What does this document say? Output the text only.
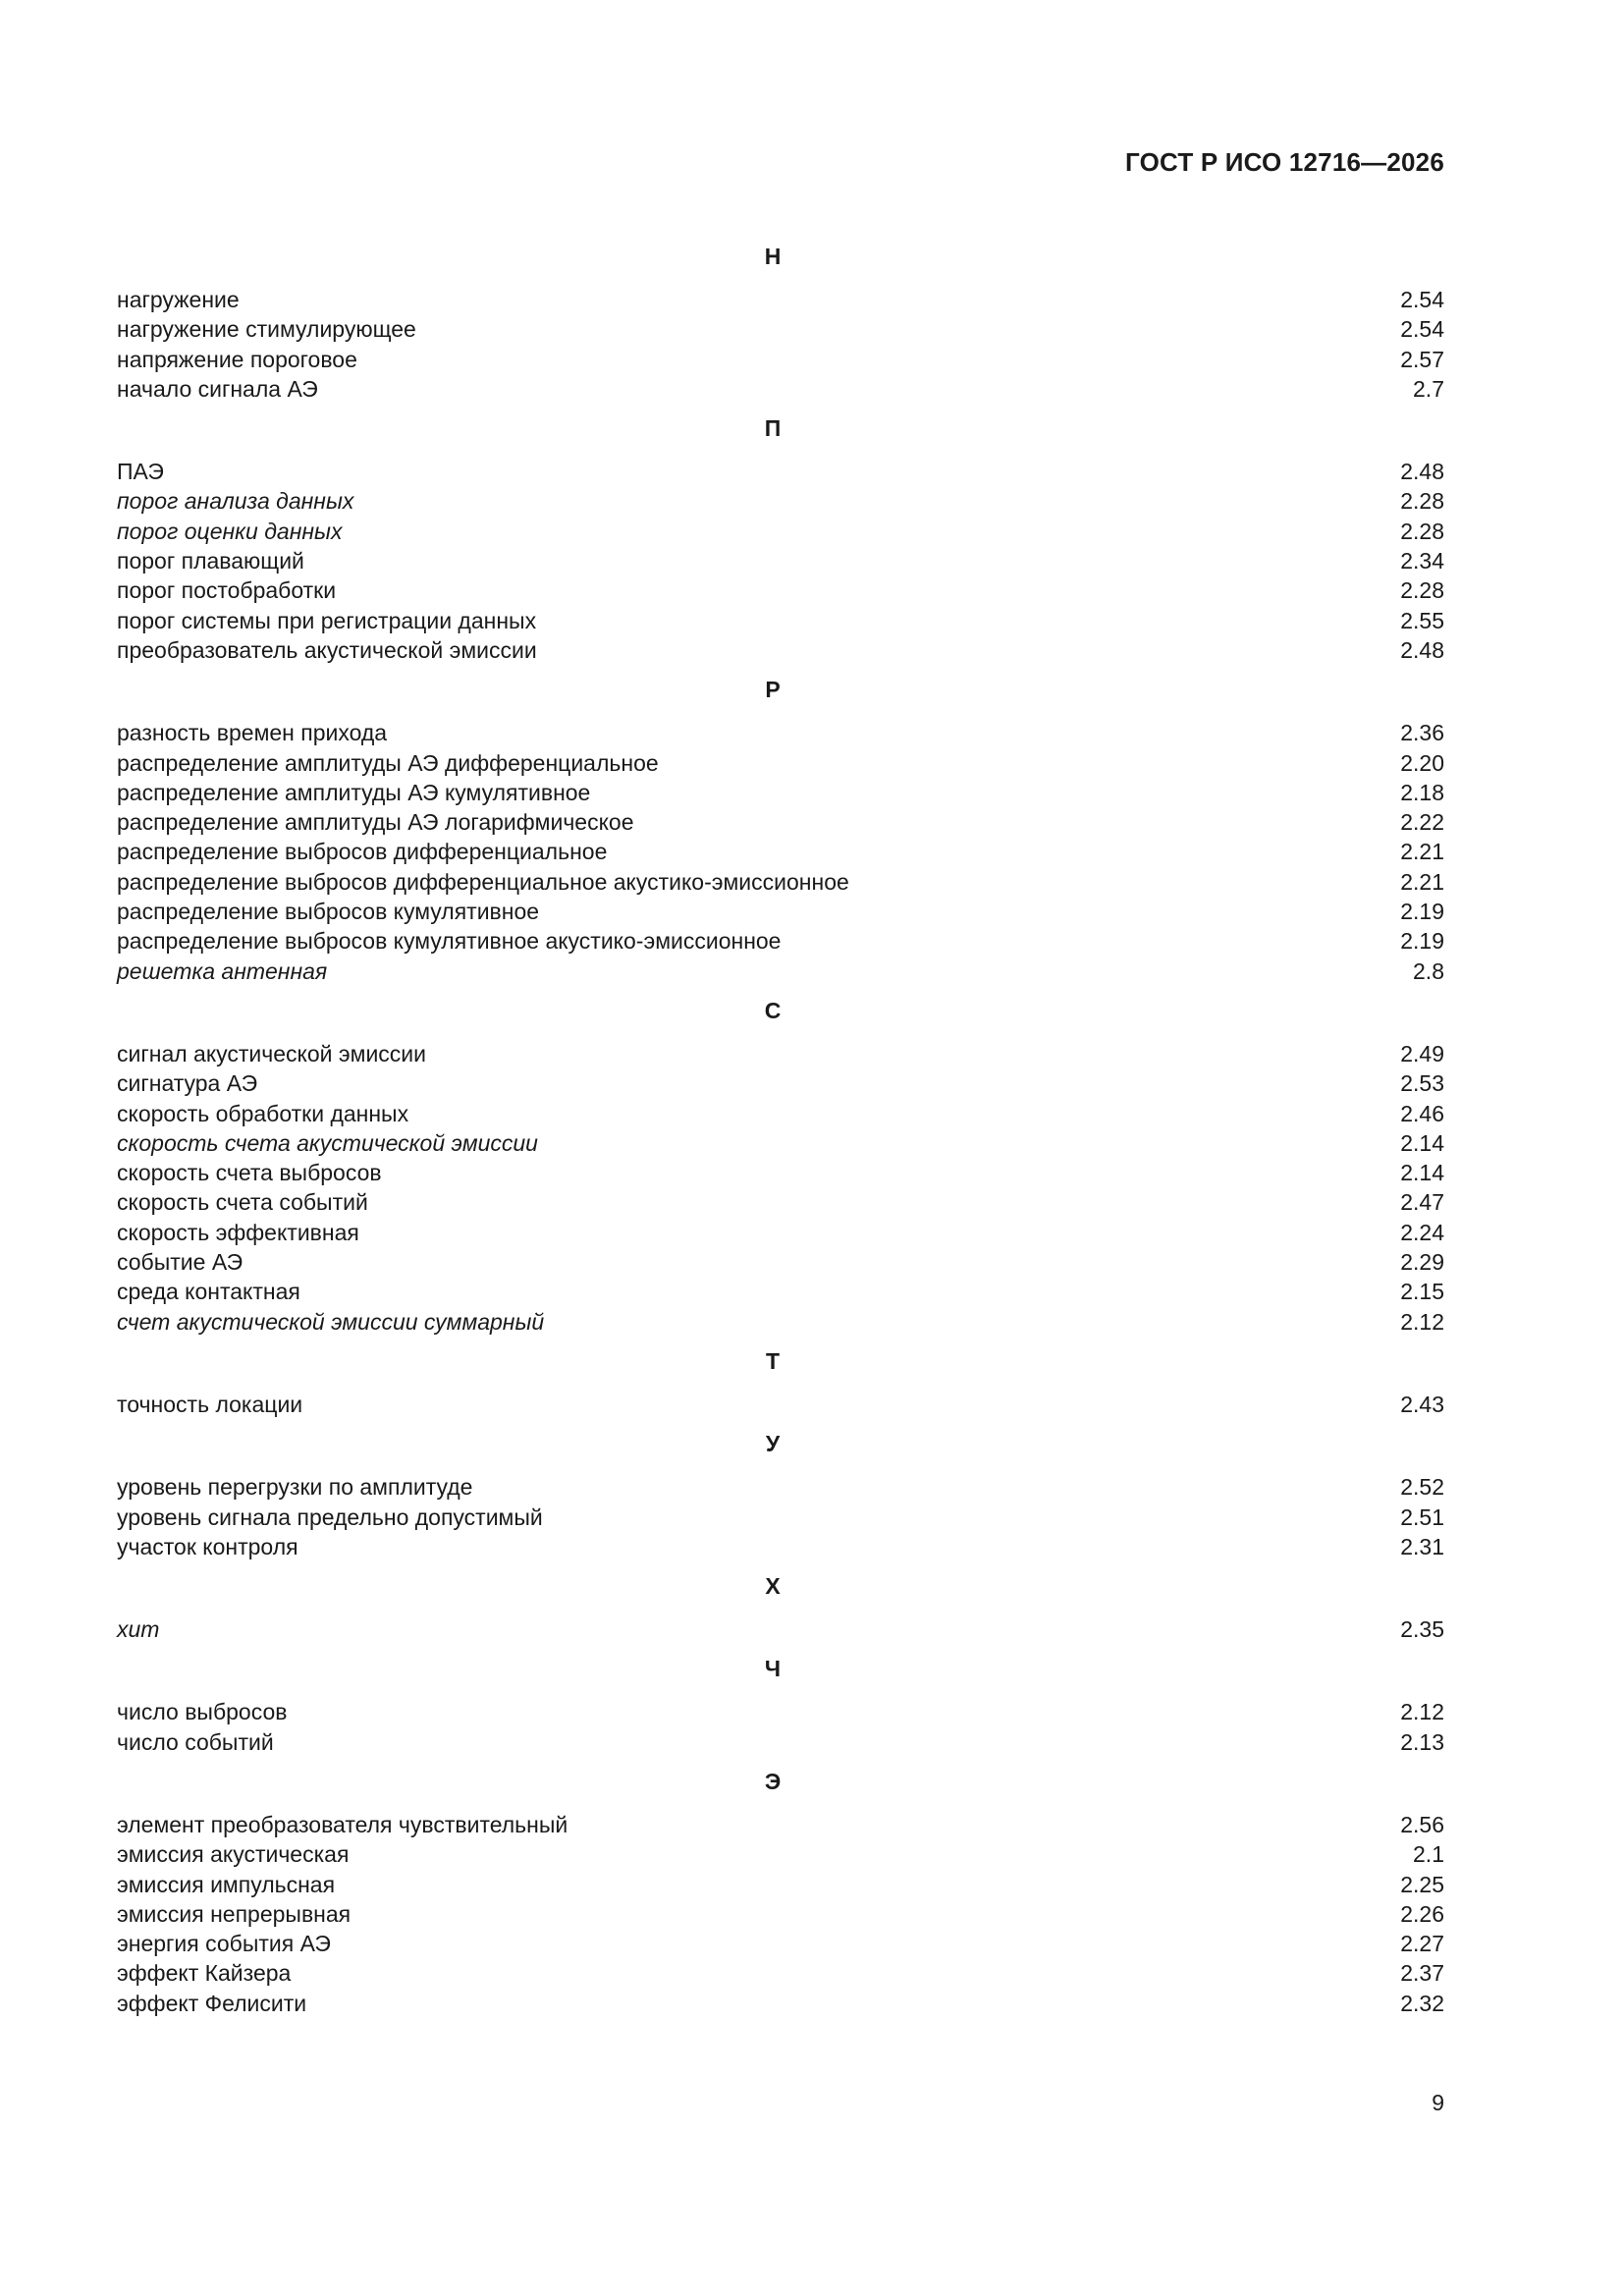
ГОСТ Р ИСО 12716—2026
Н
нагружение	2.54
нагружение стимулирующее	2.54
напряжение пороговое	2.57
начало сигнала АЭ	2.7
П
ПАЭ	2.48
порог анализа данных	2.28
порог оценки данных	2.28
порог плавающий	2.34
порог постобработки	2.28
порог системы при регистрации данных	2.55
преобразователь акустической эмиссии	2.48
Р
разность времен прихода	2.36
распределение амплитуды АЭ дифференциальное	2.20
распределение амплитуды АЭ кумулятивное	2.18
распределение амплитуды АЭ логарифмическое	2.22
распределение выбросов дифференциальное	2.21
распределение выбросов дифференциальное акустико-эмиссионное	2.21
распределение выбросов кумулятивное	2.19
распределение выбросов кумулятивное акустико-эмиссионное	2.19
решетка антенная	2.8
С
сигнал акустической эмиссии	2.49
сигнатура АЭ	2.53
скорость обработки данных	2.46
скорость счета акустической эмиссии	2.14
скорость счета выбросов	2.14
скорость счета событий	2.47
скорость эффективная	2.24
событие АЭ	2.29
среда контактная	2.15
счет акустической эмиссии суммарный	2.12
Т
точность локации	2.43
У
уровень перегрузки по амплитуде	2.52
уровень сигнала предельно допустимый	2.51
участок контроля	2.31
Х
хит	2.35
Ч
число выбросов	2.12
число событий	2.13
Э
элемент преобразователя чувствительный	2.56
эмиссия акустическая	2.1
эмиссия импульсная	2.25
эмиссия непрерывная	2.26
энергия события АЭ	2.27
эффект Кайзера	2.37
эффект Фелисити	2.32
9
